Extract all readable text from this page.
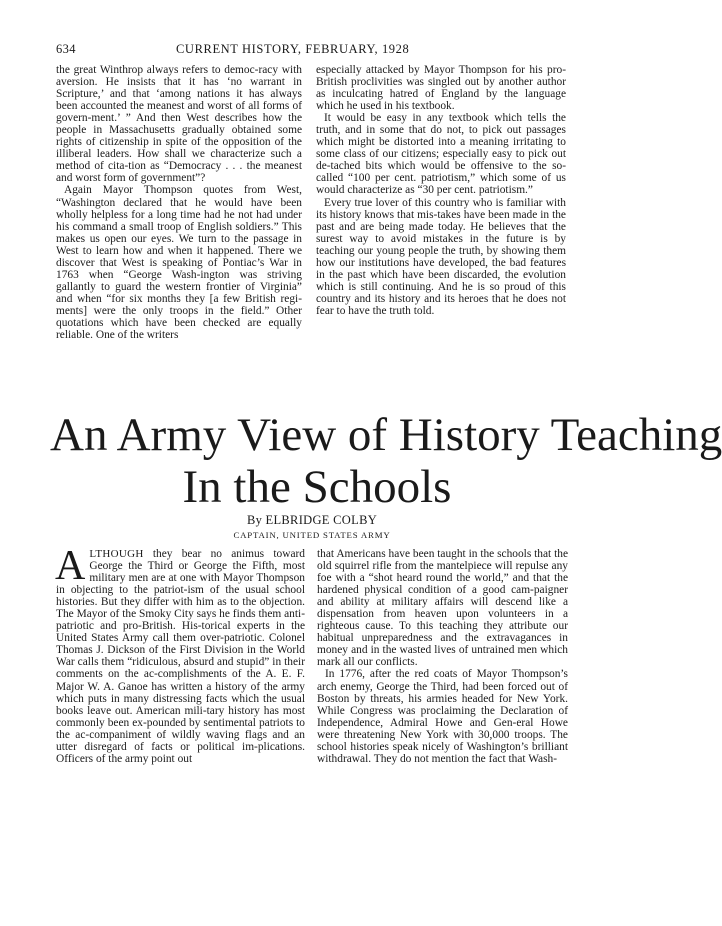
634	CURRENT HISTORY, FEBRUARY, 1928

the great Winthrop always refers to democ-racy with aversion. He insists that it has ‘no warrant in Scripture,’ and that ‘among nations it has always been accounted the meanest and worst of all forms of govern-ment.’ ” And then West describes how the people in Massachusetts gradually obtained some rights of citizenship in spite of the opposition of the illiberal leaders. How shall we characterize such a method of cita-tion as “Democracy . . . the meanest and worst form of government”?

Again Mayor Thompson quotes from West, “Washington declared that he would have been wholly helpless for a long time had he not had under his command a small troop of English soldiers.” This makes us open our eyes. We turn to the passage in West to learn how and when it happened. There we discover that West is speaking of Pontiac’s War in 1763 when “George Wash-ington was striving gallantly to guard the western frontier of Virginia” and when “for six months they [a few British regi-ments] were the only troops in the field.” Other quotations which have been checked are equally reliable. One of the writers

especially attacked by Mayor Thompson for his pro-British proclivities was singled out by another author as inculcating hatred of England by the language which he used in his textbook.

It would be easy in any textbook which tells the truth, and in some that do not, to pick out passages which might be distorted into a meaning irritating to some class of our citizens; especially easy to pick out de-tached bits which would be offensive to the so-called “100 per cent. patriotism,” which some of us would characterize as “30 per cent. patriotism.”

Every true lover of this country who is familiar with its history knows that mis-takes have been made in the past and are being made today. He believes that the surest way to avoid mistakes in the future is by teaching our young people the truth, by showing them how our institutions have developed, the bad features in the past which have been discarded, the evolution which is still continuing. And he is so proud of this country and its history and its heroes that he does not fear to have the truth told.

An Army View of History Teaching
In the Schools
By ELBRIDGE COLBY
CAPTAIN, UNITED STATES ARMY

ALTHOUGH they bear no animus toward George the Third or George the Fifth, most military men are at one with Mayor Thompson in objecting to the patriot-ism of the usual school histories. But they differ with him as to the objection. The Mayor of the Smoky City says he finds them anti-patriotic and pro-British. His-torical experts in the United States Army call them over-patriotic. Colonel Thomas J. Dickson of the First Division in the World War calls them “ridiculous, absurd and stupid” in their comments on the ac-complishments of the A. E. F. Major W. A. Ganoe has written a history of the army which puts in many distressing facts which the usual books leave out. American mili-tary history has most commonly been ex-pounded by sentimental patriots to the ac-companiment of wildly waving flags and an utter disregard of facts or political im-plications. Officers of the army point out

that Americans have been taught in the schools that the old squirrel rifle from the mantelpiece will repulse any foe with a “shot heard round the world,” and that the hardened physical condition of a good cam-paigner and ability at military affairs will descend like a dispensation from heaven upon volunteers in a righteous cause. To this teaching they attribute our habitual unpreparedness and the extravagances in money and in the wasted lives of untrained men which mark all our conflicts.

In 1776, after the red coats of Mayor Thompson’s arch enemy, George the Third, had been forced out of Boston by threats, his armies headed for New York. While Congress was proclaiming the Declaration of Independence, Admiral Howe and Gen-eral Howe were threatening New York with 30,000 troops. The school histories speak nicely of Washington’s brilliant withdrawal. They do not mention the fact that Wash-
